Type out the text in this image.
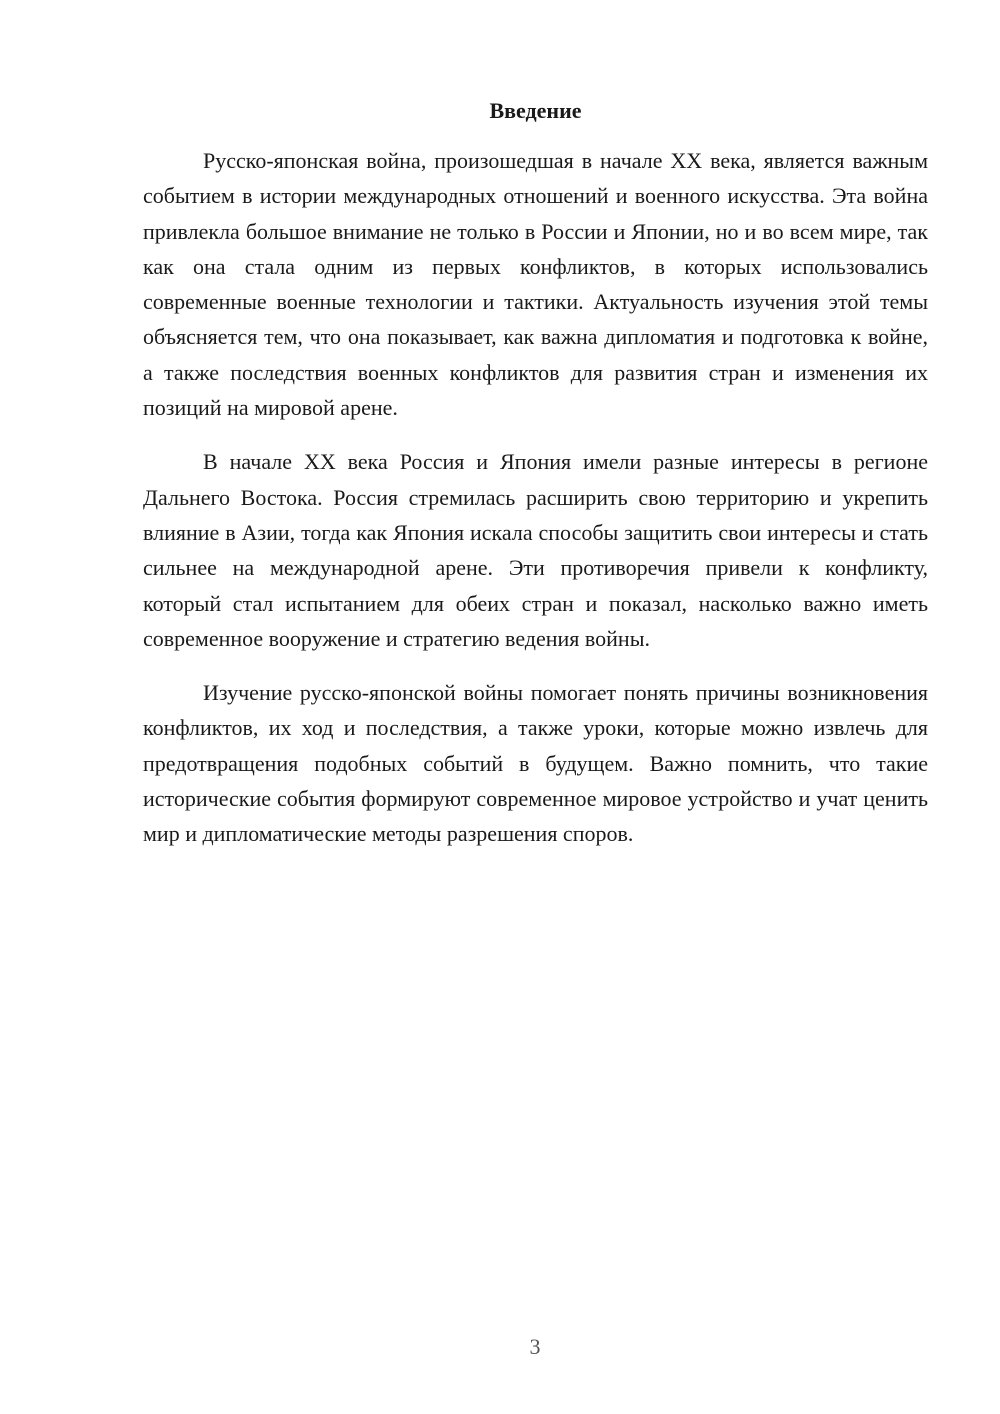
Введение

Русско-японская война, произошедшая в начале XX века, является важным событием в истории международных отношений и военного искусства. Эта война привлекла большое внимание не только в России и Японии, но и во всем мире, так как она стала одним из первых конфликтов, в которых использовались современные военные технологии и тактики. Актуальность изучения этой темы объясняется тем, что она показывает, как важна дипломатия и подготовка к войне, а также последствия военных конфликтов для развития стран и изменения их позиций на мировой арене.

В начале XX века Россия и Япония имели разные интересы в регионе Дальнего Востока. Россия стремилась расширить свою территорию и укрепить влияние в Азии, тогда как Япония искала способы защитить свои интересы и стать сильнее на международной арене. Эти противоречия привели к конфликту, который стал испытанием для обеих стран и показал, насколько важно иметь современное вооружение и стратегию ведения войны.

Изучение русско-японской войны помогает понять причины возникновения конфликтов, их ход и последствия, а также уроки, которые можно извлечь для предотвращения подобных событий в будущем. Важно помнить, что такие исторические события формируют современное мировое устройство и учат ценить мир и дипломатические методы разрешения споров.

3
